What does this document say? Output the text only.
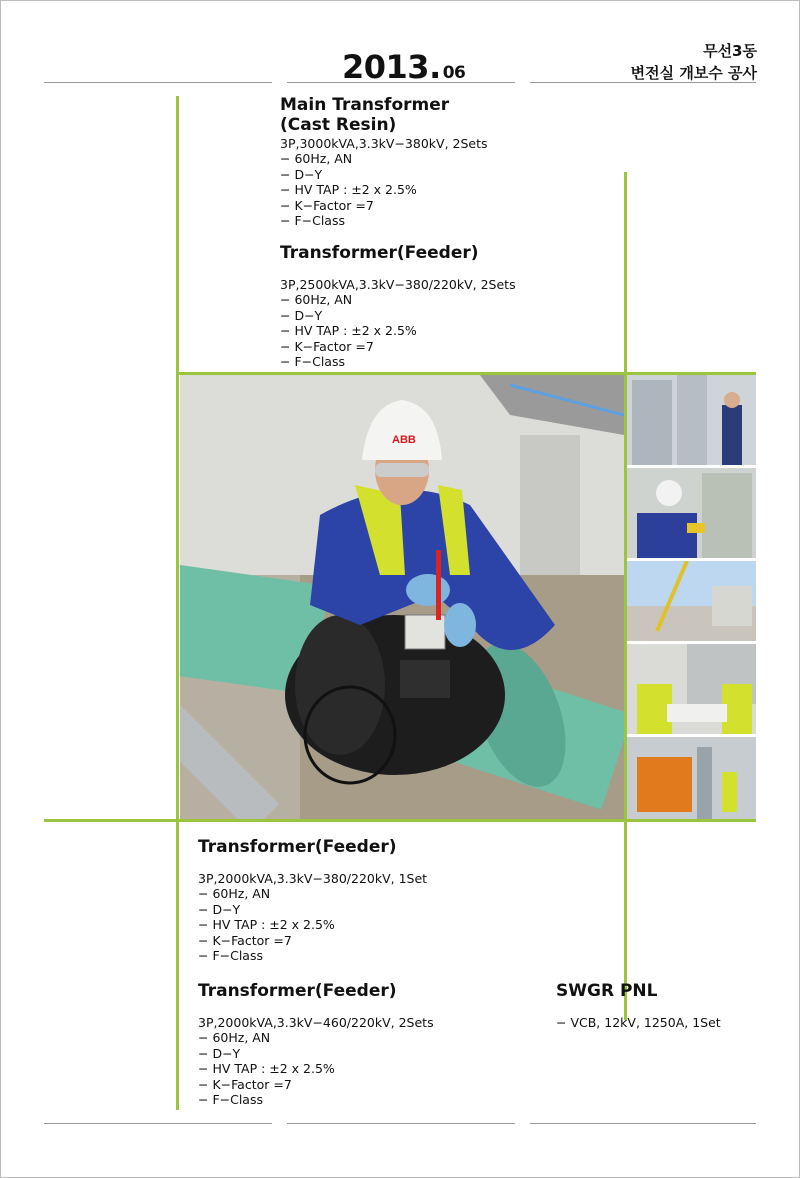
2013. 06
무선3동
변전실 개보수 공사
Main Transformer
(Cast Resin)
3P,3000kVA,3.3kV−380kV, 2Sets
− 60Hz, AN
− D−Y
− HV TAP : ±2 x 2.5%
− K−Factor =7
− F−Class
Transformer(Feeder)
3P,2500kVA,3.3kV−380/220kV, 2Sets
− 60Hz, AN
− D−Y
− HV TAP : ±2 x 2.5%
− K−Factor =7
− F−Class
Transformer(Feeder)
3P,2000kVA,3.3kV−380/220kV, 1Set
− 60Hz, AN
− D−Y
− HV TAP : ±2 x 2.5%
− K−Factor =7
− F−Class
Transformer(Feeder)
3P,2000kVA,3.3kV−460/220kV, 2Sets
− 60Hz, AN
− D−Y
− HV TAP : ±2 x 2.5%
− K−Factor =7
− F−Class
SWGR PNL
− VCB, 12kV, 1250A, 1Set
ABB
